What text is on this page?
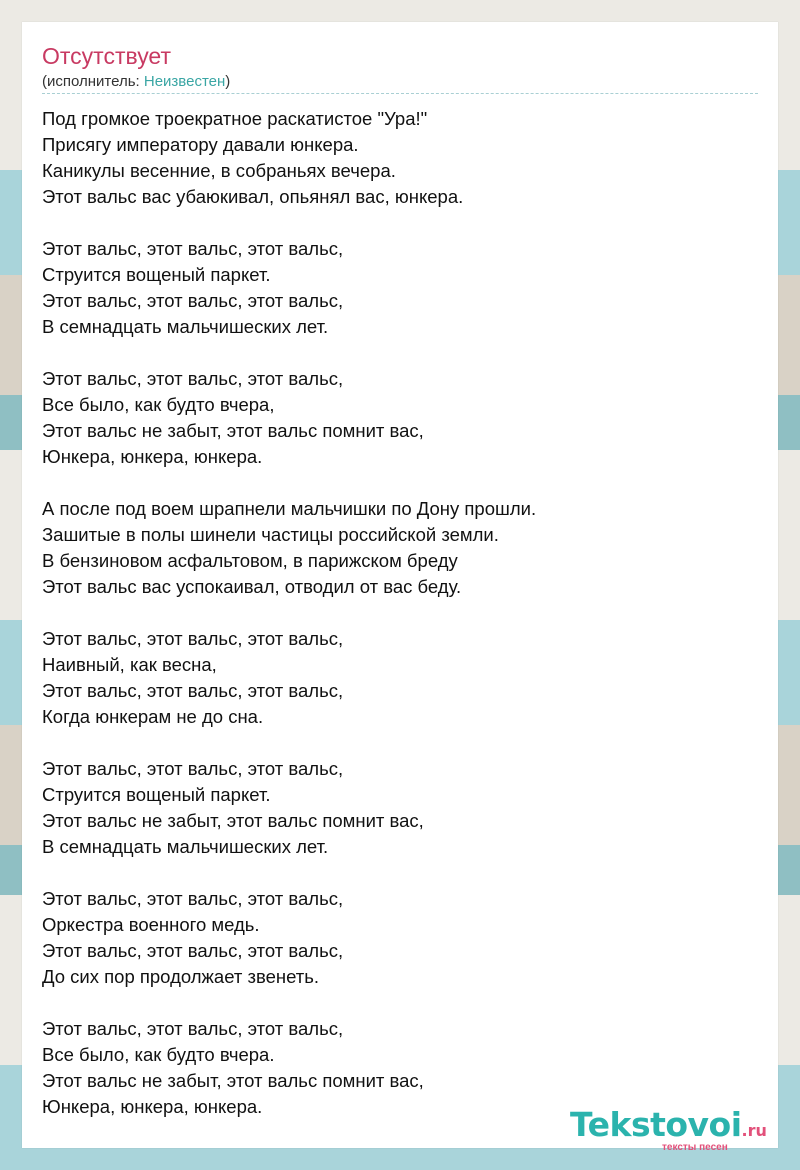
Отсутствует
(исполнитель: Неизвестен)
Под громкое троекратное раскатистое "Ура!"
Присягу императору давали юнкера.
Каникулы весенние, в собраньях вечера.
Этот вальс вас убаюкивал, опьянял вас, юнкера.
Этот вальс, этот вальс, этот вальс,
Струится вощеный паркет.
Этот вальс, этот вальс, этот вальс,
В семнадцать мальчишеских лет.
Этот вальс, этот вальс, этот вальс,
Все было, как будто вчера,
Этот вальс не забыт, этот вальс помнит вас,
Юнкера, юнкера, юнкера.
А после под воем шрапнели мальчишки по Дону прошли.
Зашитые в полы шинели частицы российской земли.
В бензиновом асфальтовом, в парижском бреду
Этот вальс вас успокаивал, отводил от вас беду.
Этот вальс, этот вальс, этот вальс,
Наивный, как весна,
Этот вальс, этот вальс, этот вальс,
Когда юнкерам не до сна.
Этот вальс, этот вальс, этот вальс,
Струится вощеный паркет.
Этот вальс не забыт, этот вальс помнит вас,
В семнадцать мальчишеских лет.
Этот вальс, этот вальс, этот вальс,
Оркестра военного медь.
Этот вальс, этот вальс, этот вальс,
До сих пор продолжает звенеть.
Этот вальс, этот вальс, этот вальс,
Все было, как будто вчера.
Этот вальс не забыт, этот вальс помнит вас,
Юнкера, юнкера, юнкера.	Tekstovoi.ru
тексты песен
